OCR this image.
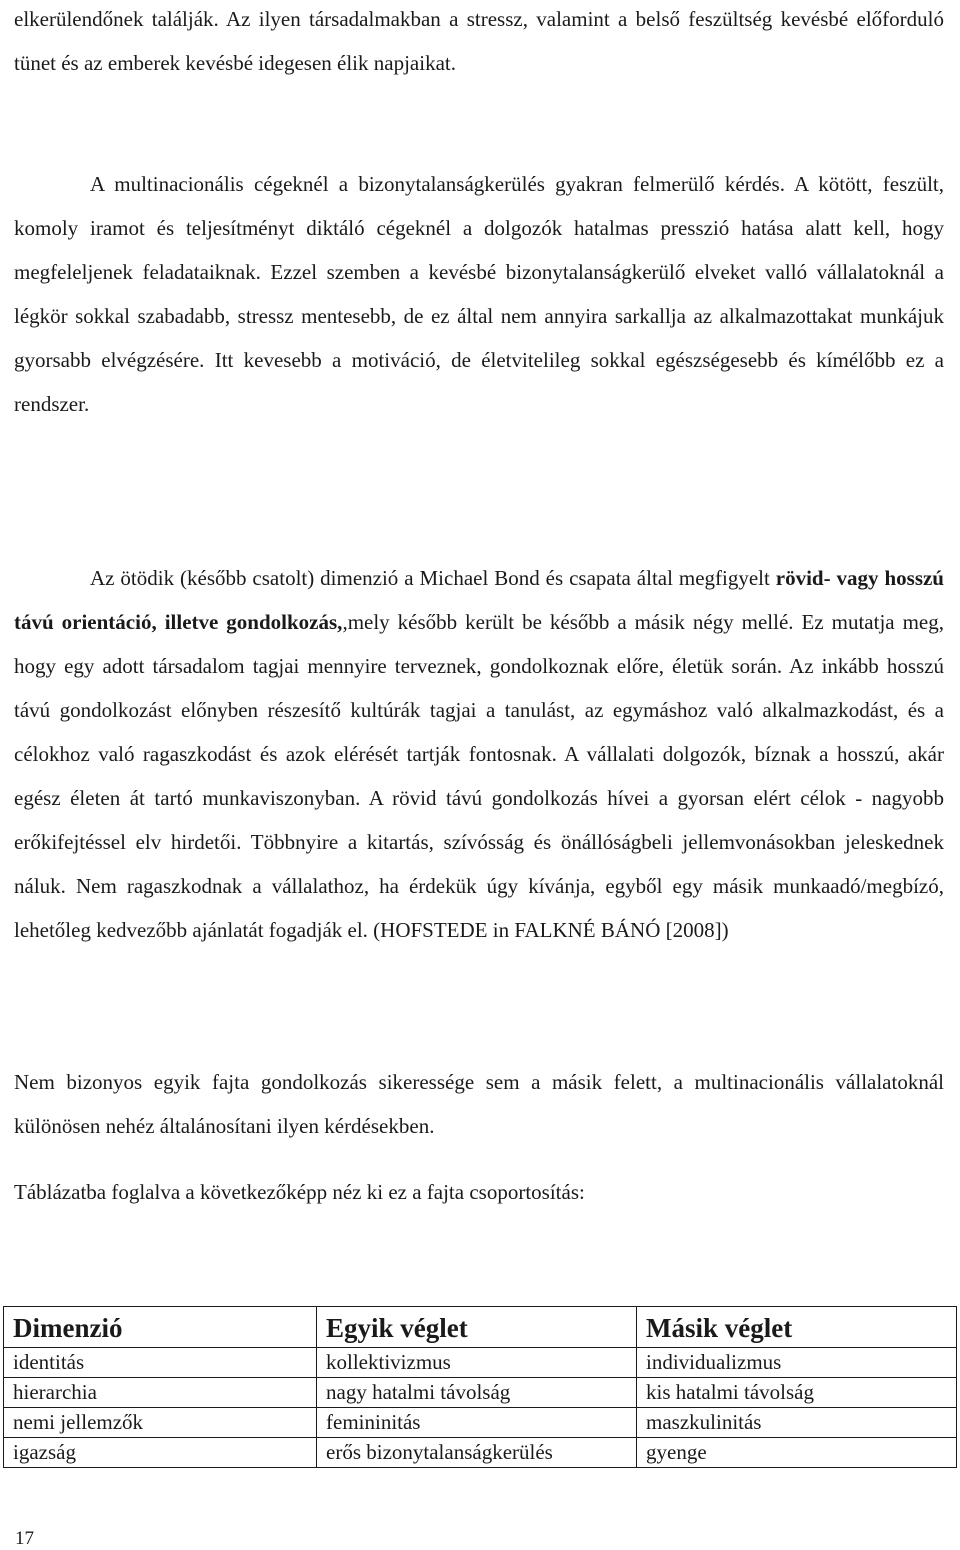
elkerülendőnek találják. Az ilyen társadalmakban a stressz, valamint a belső feszültség kevésbé előforduló tünet és az emberek kevésbé idegesen élik napjaikat.

A multinacionális cégeknél a bizonytalanságkerülés gyakran felmerülő kérdés. A kötött, feszült, komoly iramot és teljesítményt diktáló cégeknél a dolgozók hatalmas presszió hatása alatt kell, hogy megfeleljenek feladataiknak. Ezzel szemben a kevésbé bizonytalanságkerülő elveket valló vállalatoknál a légkör sokkal szabadabb, stressz mentesebb, de ez által nem annyira sarkallja az alkalmazottakat munkájuk gyorsabb elvégzésére. Itt kevesebb a motiváció, de életvitelileg sokkal egészségesebb és kímélőbb ez a rendszer.

Az ötödik (később csatolt) dimenzió a Michael Bond és csapata által megfigyelt rövid- vagy hosszú távú orientáció, illetve gondolkozás,,mely később került be később a másik négy mellé. Ez mutatja meg, hogy egy adott társadalom tagjai mennyire terveznek, gondolkoznak előre, életük során. Az inkább hosszú távú gondolkozást előnyben részesítő kultúrák tagjai a tanulást, az egymáshoz való alkalmazkodást, és a célokhoz való ragaszkodást és azok elérését tartják fontosnak. A vállalati dolgozók, bíznak a hosszú, akár egész életen át tartó munkaviszonyban. A rövid távú gondolkozás hívei a gyorsan elért célok - nagyobb erőkifejtéssel elv hirdetői. Többnyire a kitartás, szívósság és önállóságbeli jellemvonásokban jeleskednek náluk. Nem ragaszkodnak a vállalathoz, ha érdekük úgy kívánja, egyből egy másik munkaadó/megbízó, lehetőleg kedvezőbb ajánlatát fogadják el. (HOFSTEDE in FALKNÉ BÁNÓ [2008])

Nem bizonyos egyik fajta gondolkozás sikeressége sem a másik felett, a multinacionális vállalatoknál különösen nehéz általánosítani ilyen kérdésekben.

Táblázatba foglalva a következőképp néz ki ez a fajta csoportosítás:

Dimenzió	Egyik véglet	Másik véglet
identitás	kollektivizmus	individualizmus
hierarchia	nagy hatalmi távolság	kis hatalmi távolság
nemi jellemzők	femininitás	maszkulinitás
igazság	erős bizonytalanságkerülés	gyenge

17
